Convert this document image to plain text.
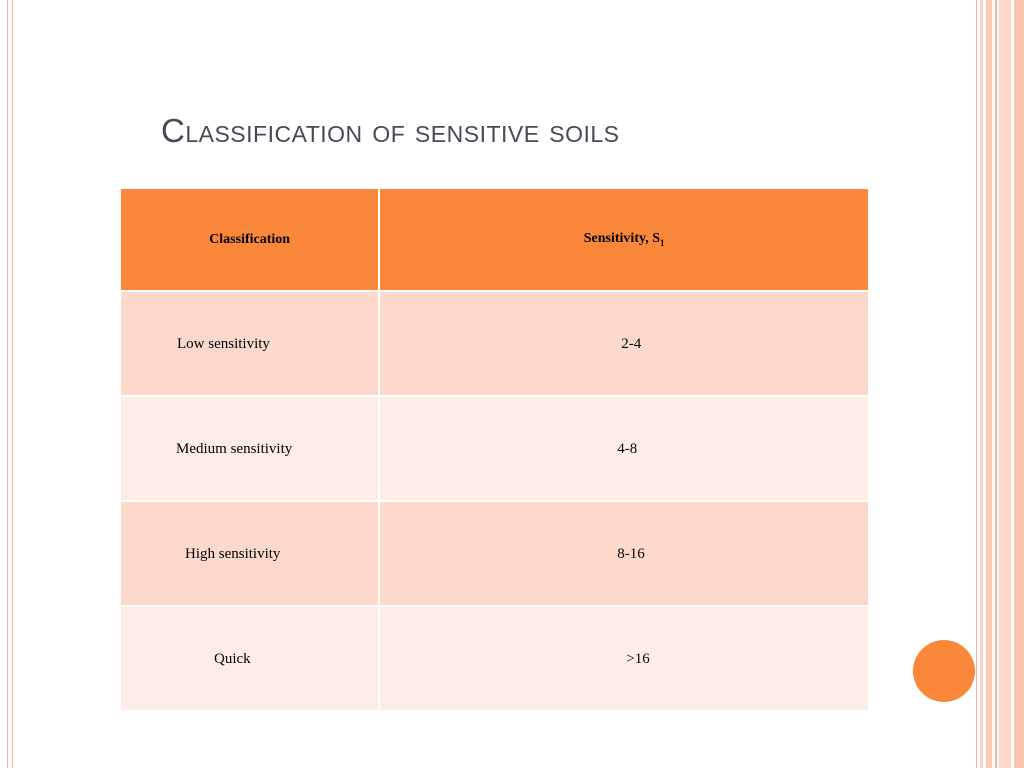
Classification of sensitive soils
Classification	Sensitivity, $S_1$
Low sensitivity	2-4
Medium sensitivity	4-8
High sensitivity	8-16
Quick	>16
